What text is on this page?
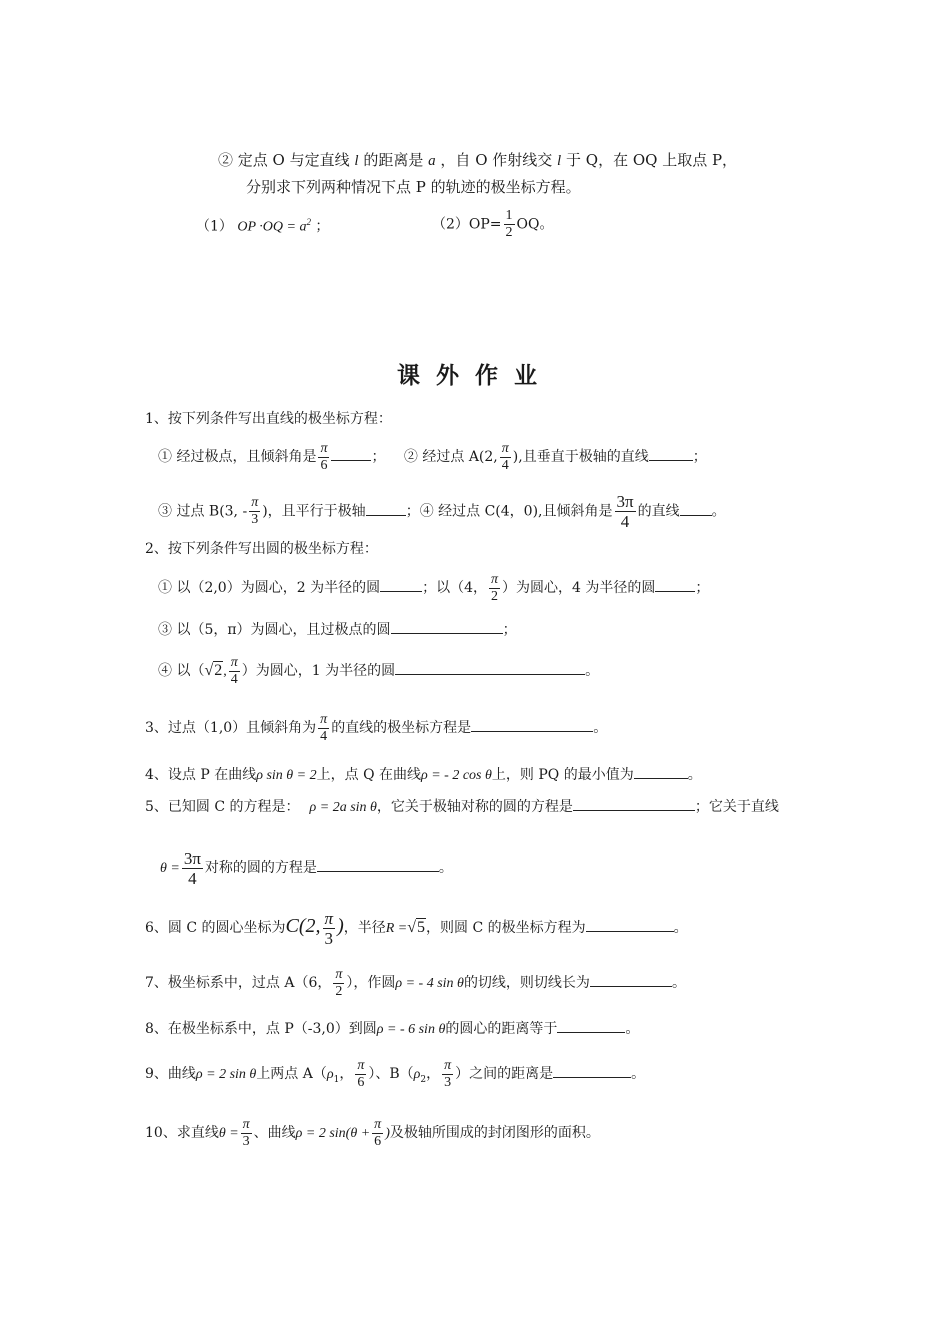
② 定点 O 与定直线 l 的距离是 a ，自 O 作射线交 l 于 Q，在 OQ 上取点 P，
分别求下列两种情况下点 P 的轨迹的极坐标方程。
（1） OP $\cdot OQ = a^2$ ；	$(2)OP= \frac{1}{2}$ OQ。
课外作业
1、按下列条件写出直线的极坐标方程：
① 经过极点，且倾斜角是 $\frac{\pi}{6}$	； ② 经过点 A(2, $\frac{\pi}{4}$ ),且垂直于极轴的直线	；
③ 过点 B(3, - $\frac{\pi}{3}$ )，且平行于极轴	；④ 经过点 C(4，0),且倾斜角是 $\frac{3\pi}{4}$ 的直线 。
2、按下列条件写出圆的极坐标方程：
① 以（2,0）为圆心，2 为半径的圆	；以（4， $\frac{\pi}{2}$ ）为圆心，4 为半径的圆	；
③ 以（5，π）为圆心，且过极点的圆	；
④ 以（√2, $\frac{\pi}{4}$ ）为圆心，1 为半径的圆	。
3、过点（1,0）且倾斜角为 $\frac{\pi}{4}$ 的直线的极坐标方程是	。
4、设点 P 在曲线ρ sin θ = 2上，点 Q 在曲线ρ = - 2 cos θ上，则 PQ 的最小值为	。
5、已知圆 C 的方程是： ρ = 2a sin θ，它关于极轴对称的圆的方程是	；它关于直线
$\theta = \frac{3\pi}{4}$ 对称的圆的方程是	。
6、圆 C 的圆心坐标为C(2, $\frac{\pi}{3}$ )，半径R =√5，则圆 C 的极坐标方程为	。
7、极坐标系中，过点 A（6， $\frac{\pi}{2}$ ），作圆ρ = - 4 sin θ的切线，则切线长为	。
8、在极坐标系中，点 P（-3,0）到圆ρ = - 6 sin θ的圆心的距离等于	。
9、曲线ρ = 2 sin θ上两点 $A(\rho_1$， $\frac{\pi}{6}$ ）、$B(\rho_2$， $\frac{\pi}{3}$ ）之间的距离是	。
10、求直线$\theta = \frac{\pi}{3}$ 、曲线ρ = 2 $\sin(\theta + \frac{\pi}{6}$ )及极轴所围成的封闭图形的面积。
